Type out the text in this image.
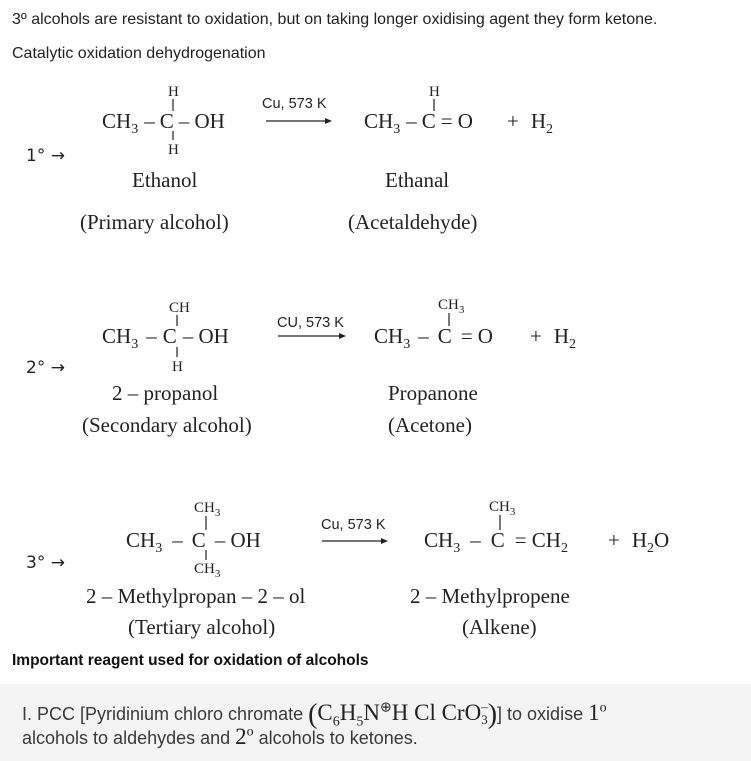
3º alcohols are resistant to oxidation, but on taking longer oxidising agent they form ketone.
Catalytic oxidation dehydrogenation
1° →
$CH_3$ – C – OH
H
H
Cu, 573 K
$CH_3 - C = O$
H
+ $H_2$
Ethanol
(Primary alcohol)
Ethanal
(Acetaldehyde)
2° →
$CH_3$ – C – OH
CH
H
CU, 573 K
$CH_3 - C = O$
$CH_3$
+ $H_2$
2 – propanol
(Secondary alcohol)
Propanone
(Acetone)
3° →
$CH_3$ – C – OH
$CH_3$
$CH_3$
Cu, 573 K
$CH_3 - C = CH_2$
$CH_3$
+ $H_2O$
2 – Methylpropan – 2 – ol
(Tertiary alcohol)
2 – Methylpropene
(Alkene)
Important reagent used for oxidation of alcohols
I. PCC [Pyridinium chloro chromate ($C_6H_5N^\oplus H$ Cl CrO –
3 )] to oxidise 1$^o$
alcohols to aldehydes and 2$^o$ alcohols to ketones.
